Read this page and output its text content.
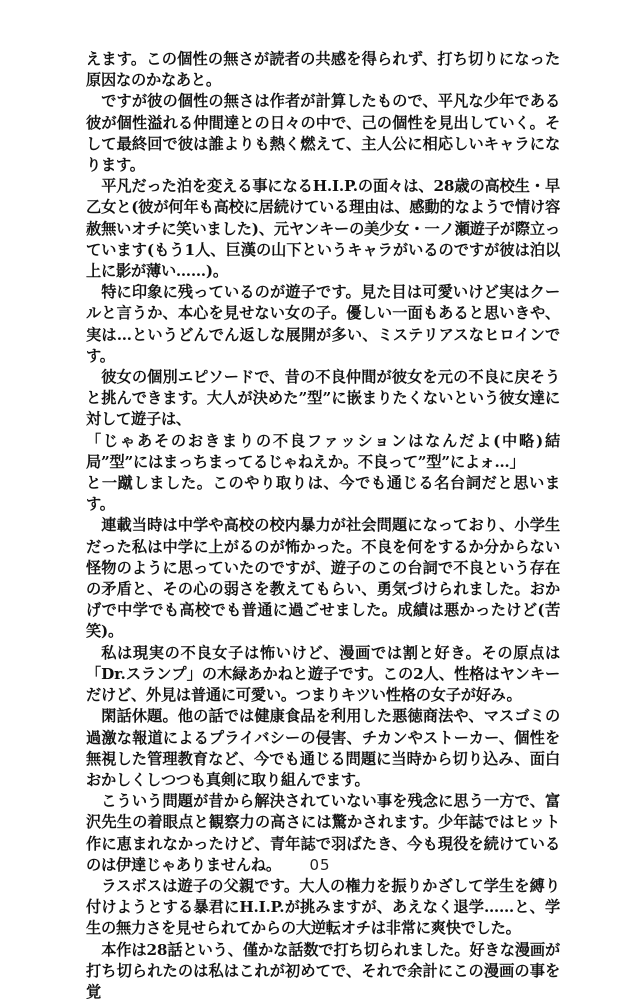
えます。この個性の無さが読者の共感を得られず、打ち切りになった原因なのかなあと。

ですが彼の個性の無さは作者が計算したもので、平凡な少年である彼が個性溢れる仲間達との日々の中で、己の個性を見出していく。そして最終回で彼は誰よりも熱く燃えて、主人公に相応しいキャラになります。

平凡だった泊を変える事になるH.I.P.の面々は、28歳の高校生・早乙女と(彼が何年も高校に居続けている理由は、感動的なようで情け容赦無いオチに笑いました)、元ヤンキーの美少女・一ノ瀬遊子が際立っています(もう1人、巨漢の山下というキャラがいるのですが彼は泊以上に影が薄い……)。

特に印象に残っているのが遊子です。見た目は可愛いけど実はクールと言うか、本心を見せない女の子。優しい一面もあると思いきや、実は…というどんでん返しな展開が多い、ミステリアスなヒロインです。

彼女の個別エピソードで、昔の不良仲間が彼女を元の不良に戻そうと挑んできます。大人が決めた”型”に嵌まりたくないという彼女達に対して遊子は、

「じゃあそのおきまりの不良ファッションはなんだよ(中略)結局”型”にはまっちまってるじゃねえか。不良って”型”によォ…」

と一蹴しました。このやり取りは、今でも通じる名台詞だと思います。

連載当時は中学や高校の校内暴力が社会問題になっており、小学生だった私は中学に上がるのが怖かった。不良を何をするか分からない怪物のように思っていたのですが、遊子のこの台詞で不良という存在の矛盾と、その心の弱さを教えてもらい、勇気づけられました。おかげで中学でも高校でも普通に過ごせました。成績は悪かったけど(苦笑)。

私は現実の不良女子は怖いけど、漫画では割と好き。その原点は「Dr.スランプ」の木緑あかねと遊子です。この2人、性格はヤンキーだけど、外見は普通に可愛い。つまりキツい性格の女子が好み。

閑話休題。他の話では健康食品を利用した悪徳商法や、マスゴミの過激な報道によるプライバシーの侵害、チカンやストーカー、個性を無視した管理教育など、今でも通じる問題に当時から切り込み、面白おかしくしつつも真剣に取り組んでます。

こういう問題が昔から解決されていない事を残念に思う一方で、富沢先生の着眼点と観察力の高さには驚かされます。少年誌ではヒット作に恵まれなかったけど、青年誌で羽ばたき、今も現役を続けているのは伊達じゃありませんね。

ラスボスは遊子の父親です。大人の権力を振りかざして学生を縛り付けようとする暴君にH.I.P.が挑みますが、あえなく退学……と、学生の無力さを見せられてからの大逆転オチは非常に爽快でした。

本作は28話という、僅かな話数で打ち切られました。好きな漫画が打ち切られたのは私はこれが初めてで、それで余計にこの漫画の事を覚

05
